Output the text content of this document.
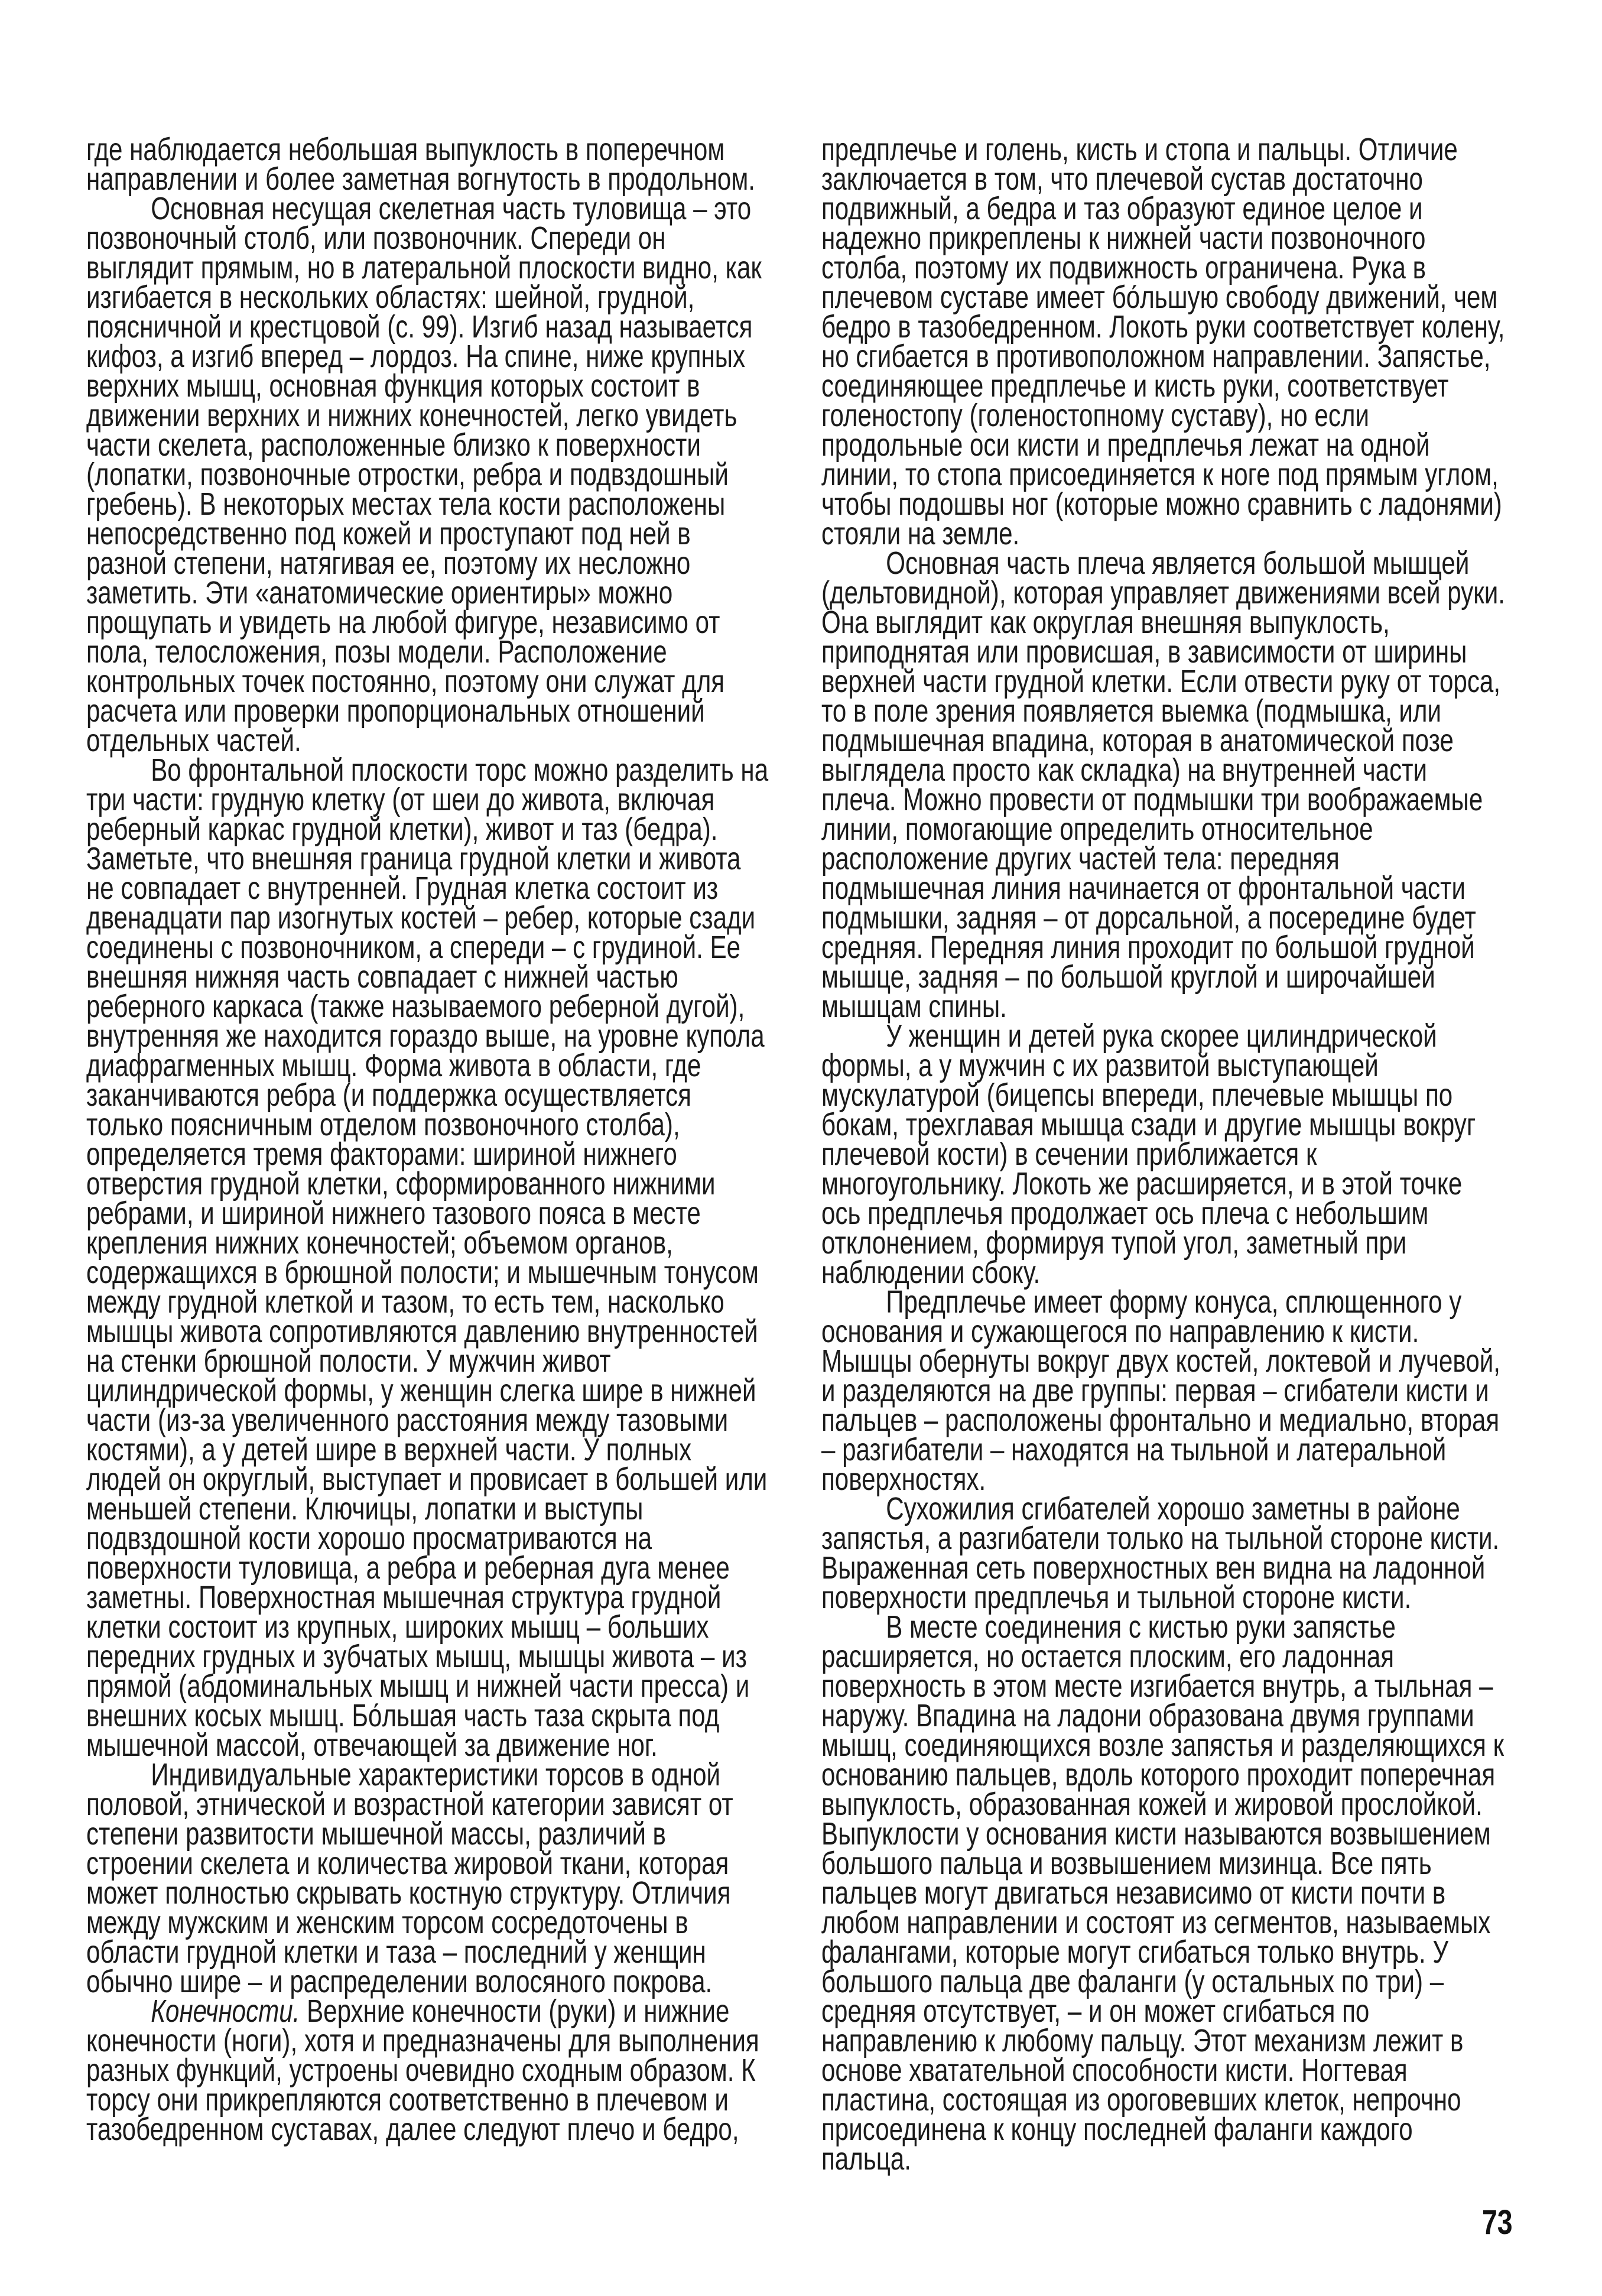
где наблюдается небольшая выпуклость в поперечном направлении и более заметная вогнутость в продольном.

Основная несущая скелетная часть туловища – это позвоночный столб, или позвоночник. Спереди он выглядит прямым, но в латеральной плоскости видно, как изгибается в нескольких областях: шейной, грудной, поясничной и крестцовой (с. 99). Изгиб назад называется кифоз, а изгиб вперед – лордоз. На спине, ниже крупных верхних мышц, основная функция которых состоит в движении верхних и нижних конечностей, легко увидеть части скелета, расположенные близко к поверхности (лопатки, позвоночные отростки, ребра и подвздошный гребень). В некоторых местах тела кости расположены непосредственно под кожей и проступают под ней в разной степени, натягивая ее, поэтому их несложно заметить. Эти «анатомические ориентиры» можно прощупать и увидеть на любой фигуре, независимо от пола, телосложения, позы модели. Расположение контрольных точек постоянно, поэтому они служат для расчета или проверки пропорциональных отношений отдельных частей.

Во фронтальной плоскости торс можно разделить на три части: грудную клетку (от шеи до живота, включая реберный каркас грудной клетки), живот и таз (бедра). Заметьте, что внешняя граница грудной клетки и живота не совпадает с внутренней. Грудная клетка состоит из двенадцати пар изогнутых костей – ребер, которые сзади соединены с позвоночником, а спереди – с грудиной. Ее внешняя нижняя часть совпадает с нижней частью реберного каркаса (также называемого реберной дугой), внутренняя же находится гораздо выше, на уровне купола диафрагменных мышц. Форма живота в области, где заканчиваются ребра (и поддержка осуществляется только поясничным отделом позвоночного столба), определяется тремя факторами: шириной нижнего отверстия грудной клетки, сформированного нижними ребрами, и шириной нижнего тазового пояса в месте крепления нижних конечностей; объемом органов, содержащихся в брюшной полости; и мышечным тонусом между грудной клеткой и тазом, то есть тем, насколько мышцы живота сопротивляются давлению внутренностей на стенки брюшной полости. У мужчин живот цилиндрической формы, у женщин слегка шире в нижней части (из-за увеличенного расстояния между тазовыми костями), а у детей шире в верхней части. У полных людей он округлый, выступает и провисает в большей или меньшей степени. Ключицы, лопатки и выступы подвздошной кости хорошо просматриваются на поверхности туловища, а ребра и реберная дуга менее заметны. Поверхностная мышечная структура грудной клетки состоит из крупных, широких мышц – больших передних грудных и зубчатых мышц, мышцы живота – из прямой (абдоминальных мышц и нижней части пресса) и внешних косых мышц. Бо́льшая часть таза скрыта под мышечной массой, отвечающей за движение ног.

Индивидуальные характеристики торсов в одной половой, этнической и возрастной категории зависят от степени развитости мышечной массы, различий в строении скелета и количества жировой ткани, которая может полностью скрывать костную структуру. Отличия между мужским и женским торсом сосредоточены в области грудной клетки и таза – последний у женщин обычно шире – и распределении волосяного покрова.

Конечности. Верхние конечности (руки) и нижние конечности (ноги), хотя и предназначены для выполнения разных функций, устроены очевидно сходным образом. К торсу они прикрепляются соответственно в плечевом и тазобедренном суставах, далее следуют плечо и бедро,

предплечье и голень, кисть и стопа и пальцы. Отличие заключается в том, что плечевой сустав достаточно подвижный, а бедра и таз образуют единое целое и надежно прикреплены к нижней части позвоночного столба, поэтому их подвижность ограничена. Рука в плечевом суставе имеет бо́льшую свободу движений, чем бедро в тазобедренном. Локоть руки соответствует колену, но сгибается в противоположном направлении. Запястье, соединяющее предплечье и кисть руки, соответствует голеностопу (голеностопному суставу), но если продольные оси кисти и предплечья лежат на одной линии, то стопа присоединяется к ноге под прямым углом, чтобы подошвы ног (которые можно сравнить с ладонями) стояли на земле.

Основная часть плеча является большой мышцей (дельтовидной), которая управляет движениями всей руки. Она выглядит как округлая внешняя выпуклость, приподнятая или провисшая, в зависимости от ширины верхней части грудной клетки. Если отвести руку от торса, то в поле зрения появляется выемка (подмышка, или подмышечная впадина, которая в анатомической позе выглядела просто как складка) на внутренней части плеча. Можно провести от подмышки три воображаемые линии, помогающие определить относительное расположение других частей тела: передняя подмышечная линия начинается от фронтальной части подмышки, задняя – от дорсальной, а посередине будет средняя. Передняя линия проходит по большой грудной мышце, задняя – по большой круглой и широчайшей мышцам спины.

У женщин и детей рука скорее цилиндрической формы, а у мужчин с их развитой выступающей мускулатурой (бицепсы впереди, плечевые мышцы по бокам, трехглавая мышца сзади и другие мышцы вокруг плечевой кости) в сечении приближается к многоугольнику. Локоть же расширяется, и в этой точке ось предплечья продолжает ось плеча с небольшим отклонением, формируя тупой угол, заметный при наблюдении сбоку.

Предплечье имеет форму конуса, сплющенного у основания и сужающегося по направлению к кисти. Мышцы обернуты вокруг двух костей, локтевой и лучевой, и разделяются на две группы: первая – сгибатели кисти и пальцев – расположены фронтально и медиально, вторая – разгибатели – находятся на тыльной и латеральной поверхностях.

Сухожилия сгибателей хорошо заметны в районе запястья, а разгибатели только на тыльной стороне кисти. Выраженная сеть поверхностных вен видна на ладонной поверхности предплечья и тыльной стороне кисти.

В месте соединения с кистью руки запястье расширяется, но остается плоским, его ладонная поверхность в этом месте изгибается внутрь, а тыльная – наружу. Впадина на ладони образована двумя группами мышц, соединяющихся возле запястья и разделяющихся к основанию пальцев, вдоль которого проходит поперечная выпуклость, образованная кожей и жировой прослойкой. Выпуклости у основания кисти называются возвышением большого пальца и возвышением мизинца. Все пять пальцев могут двигаться независимо от кисти почти в любом направлении и состоят из сегментов, называемых фалангами, которые могут сгибаться только внутрь. У большого пальца две фаланги (у остальных по три) – средняя отсутствует, – и он может сгибаться по направлению к любому пальцу. Этот механизм лежит в основе хватательной способности кисти. Ногтевая пластина, состоящая из ороговевших клеток, непрочно присоединена к концу последней фаланги каждого пальца.

73
